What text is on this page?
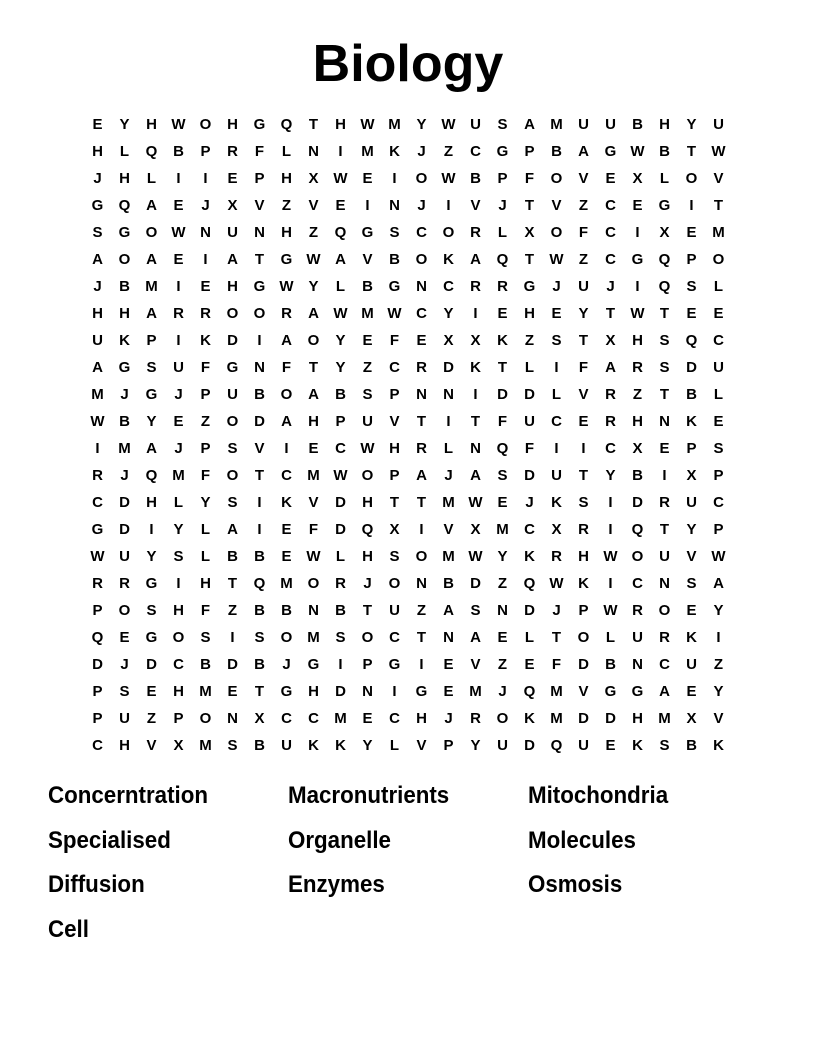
Biology
E	Y	H W O	H	G	Q	T	H W M	Y W U	S	A	M	U	U	B	H	Y	U
H	L	Q	B	P	R	F	L	N	I	M	K	J	Z	C	G	P	B	A	G W B	T	W
J	H	L	I	I	E	P	H	X W E	I	O W B	P	F	O	V	E	X	L	O	V
G	Q	A	E	J	X	V	Z	V	E	I	N	J	I	V	J	T	V	Z	C	E	G	I	T
S	G	O W N	U	N	H	Z	Q	G	S	C	O	R	L	X	O	F	C	I	X	E	M
A	O	A	E	I	A	T	G W A	V	B	O	K	A	Q	T	W	Z	C	G	Q	P	O
J	B	M	I	E	H	G W Y	L	B	G	N	C	R	R	G	J	U	J	I	Q	S	L
H	H	A	R	R	O	O	R	A W M W C	Y	I	E	H	E	Y	T	W	T	E	E
U	K	P	I	K	D	I	A	O	Y	E	F	E	X	X	K	Z	S	T	X	H	S	Q	C
A	G	S	U	F	G	N	F	T	Y	Z	C	R	D	K	T	L	I	F	A	R	S	D	U
M	J	G	J	P	U	B	O	A	B	S	P	N	N	I	D	D	L	V	R	Z	T	B	L
W B	Y	E	Z	O	D	A	H	P	U	V	T	I	T	F	U	C	E	R	H	N	K	E
I	M	A	J	P	S	V	I	E	C W H	R	L	N	Q	F	I	I	C	X	E	P	S
R	J	Q M	F	O	T	C	M W O	P	A	J	A	S	D	U	T	Y	B	I	X	P
C	D	H	L	Y	S	I	K	V	D	H	T	T	M W E	J	K	S	I	D	R	U	C
G	D	I	Y	L	A	I	E	F	D	Q	X	I	V	X	M	C	X	R	I	Q	T	Y	P
W U	Y	S	L	B	B	E W	L	H	S	O M W Y	K	R	H W O	U	V W
R	R	G	I	H	T	Q M O	R	J	O	N	B	D	Z	Q W K	I	C	N	S	A
P	O	S	H	F	Z	B	B	N	B	T	U	Z	A	S	N	D	J	P W R	O	E	Y
Q	E	G	O	S	I	S	O M	S	O	C	T	N	A	E	L	T	O	L	U	R	K	I
D	J	D	C	B	D	B	J	G	I	P	G	I	E	V	Z	E	F	D	B	N	C	U	Z
P	S	E	H	M	E	T	G	H	D	N	I	G	E	M	J	Q M	V	G	G	A	E	Y
P	U	Z	P	O	N	X	C	C	M	E	C	H	J	R	O	K	M	D	D	H	M	X	V
C	H	V	X	M	S	B	U	K	K	Y	L	V	P	Y	U	D	Q	U	E	K	S	B	K
Concerntration	Macronutrients	Mitochondria
Specialised	Organelle	Molecules
Diffusion	Enzymes	Osmosis
Cell
